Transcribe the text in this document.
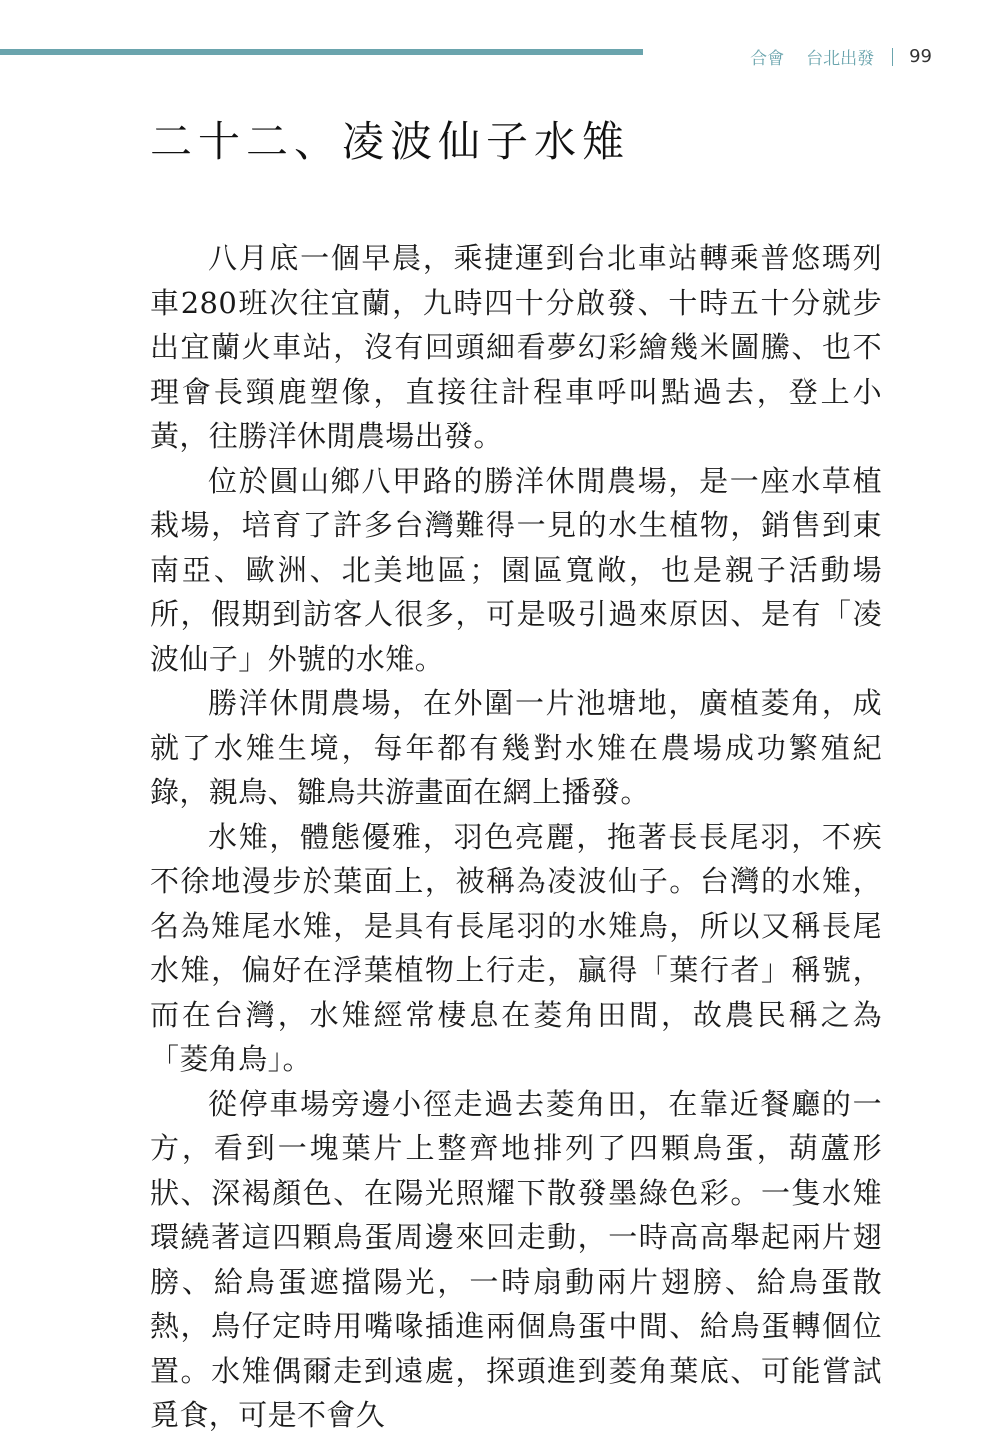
合會 台北出發 99
二十二、凌波仙子水雉

八月底一個早晨，乘捷運到台北車站轉乘普悠瑪列車280班次往宜蘭，九時四十分啟發、十時五十分就步出宜蘭火車站，沒有回頭細看夢幻彩繪幾米圖騰、也不理會長頸鹿塑像，直接往計程車呼叫點過去，登上小黃，往勝洋休閒農場出發。

位於圓山鄉八甲路的勝洋休閒農場，是一座水草植栽場，培育了許多台灣難得一見的水生植物，銷售到東南亞、歐洲、北美地區；園區寬敞，也是親子活動場所，假期到訪客人很多，可是吸引過來原因、是有「凌波仙子」外號的水雉。

勝洋休閒農場，在外圍一片池塘地，廣植菱角，成就了水雉生境，每年都有幾對水雉在農場成功繁殖紀錄，親鳥、雛鳥共游畫面在網上播發。

水雉，體態優雅，羽色亮麗，拖著長長尾羽，不疾不徐地漫步於葉面上，被稱為凌波仙子。台灣的水雉，名為雉尾水雉，是具有長尾羽的水雉鳥，所以又稱長尾水雉，偏好在浮葉植物上行走，贏得「葉行者」稱號，而在台灣，水雉經常棲息在菱角田間，故農民稱之為「菱角鳥」。

從停車場旁邊小徑走過去菱角田，在靠近餐廳的一方，看到一塊葉片上整齊地排列了四顆鳥蛋，葫蘆形狀、深褐顏色、在陽光照耀下散發墨綠色彩。一隻水雉環繞著這四顆鳥蛋周邊來回走動，一時高高舉起兩片翅膀、給鳥蛋遮擋陽光，一時扇動兩片翅膀、給鳥蛋散熱，鳥仔定時用嘴喙插進兩個鳥蛋中間、給鳥蛋轉個位置。水雉偶爾走到遠處，探頭進到菱角葉底、可能嘗試覓食，可是不會久
